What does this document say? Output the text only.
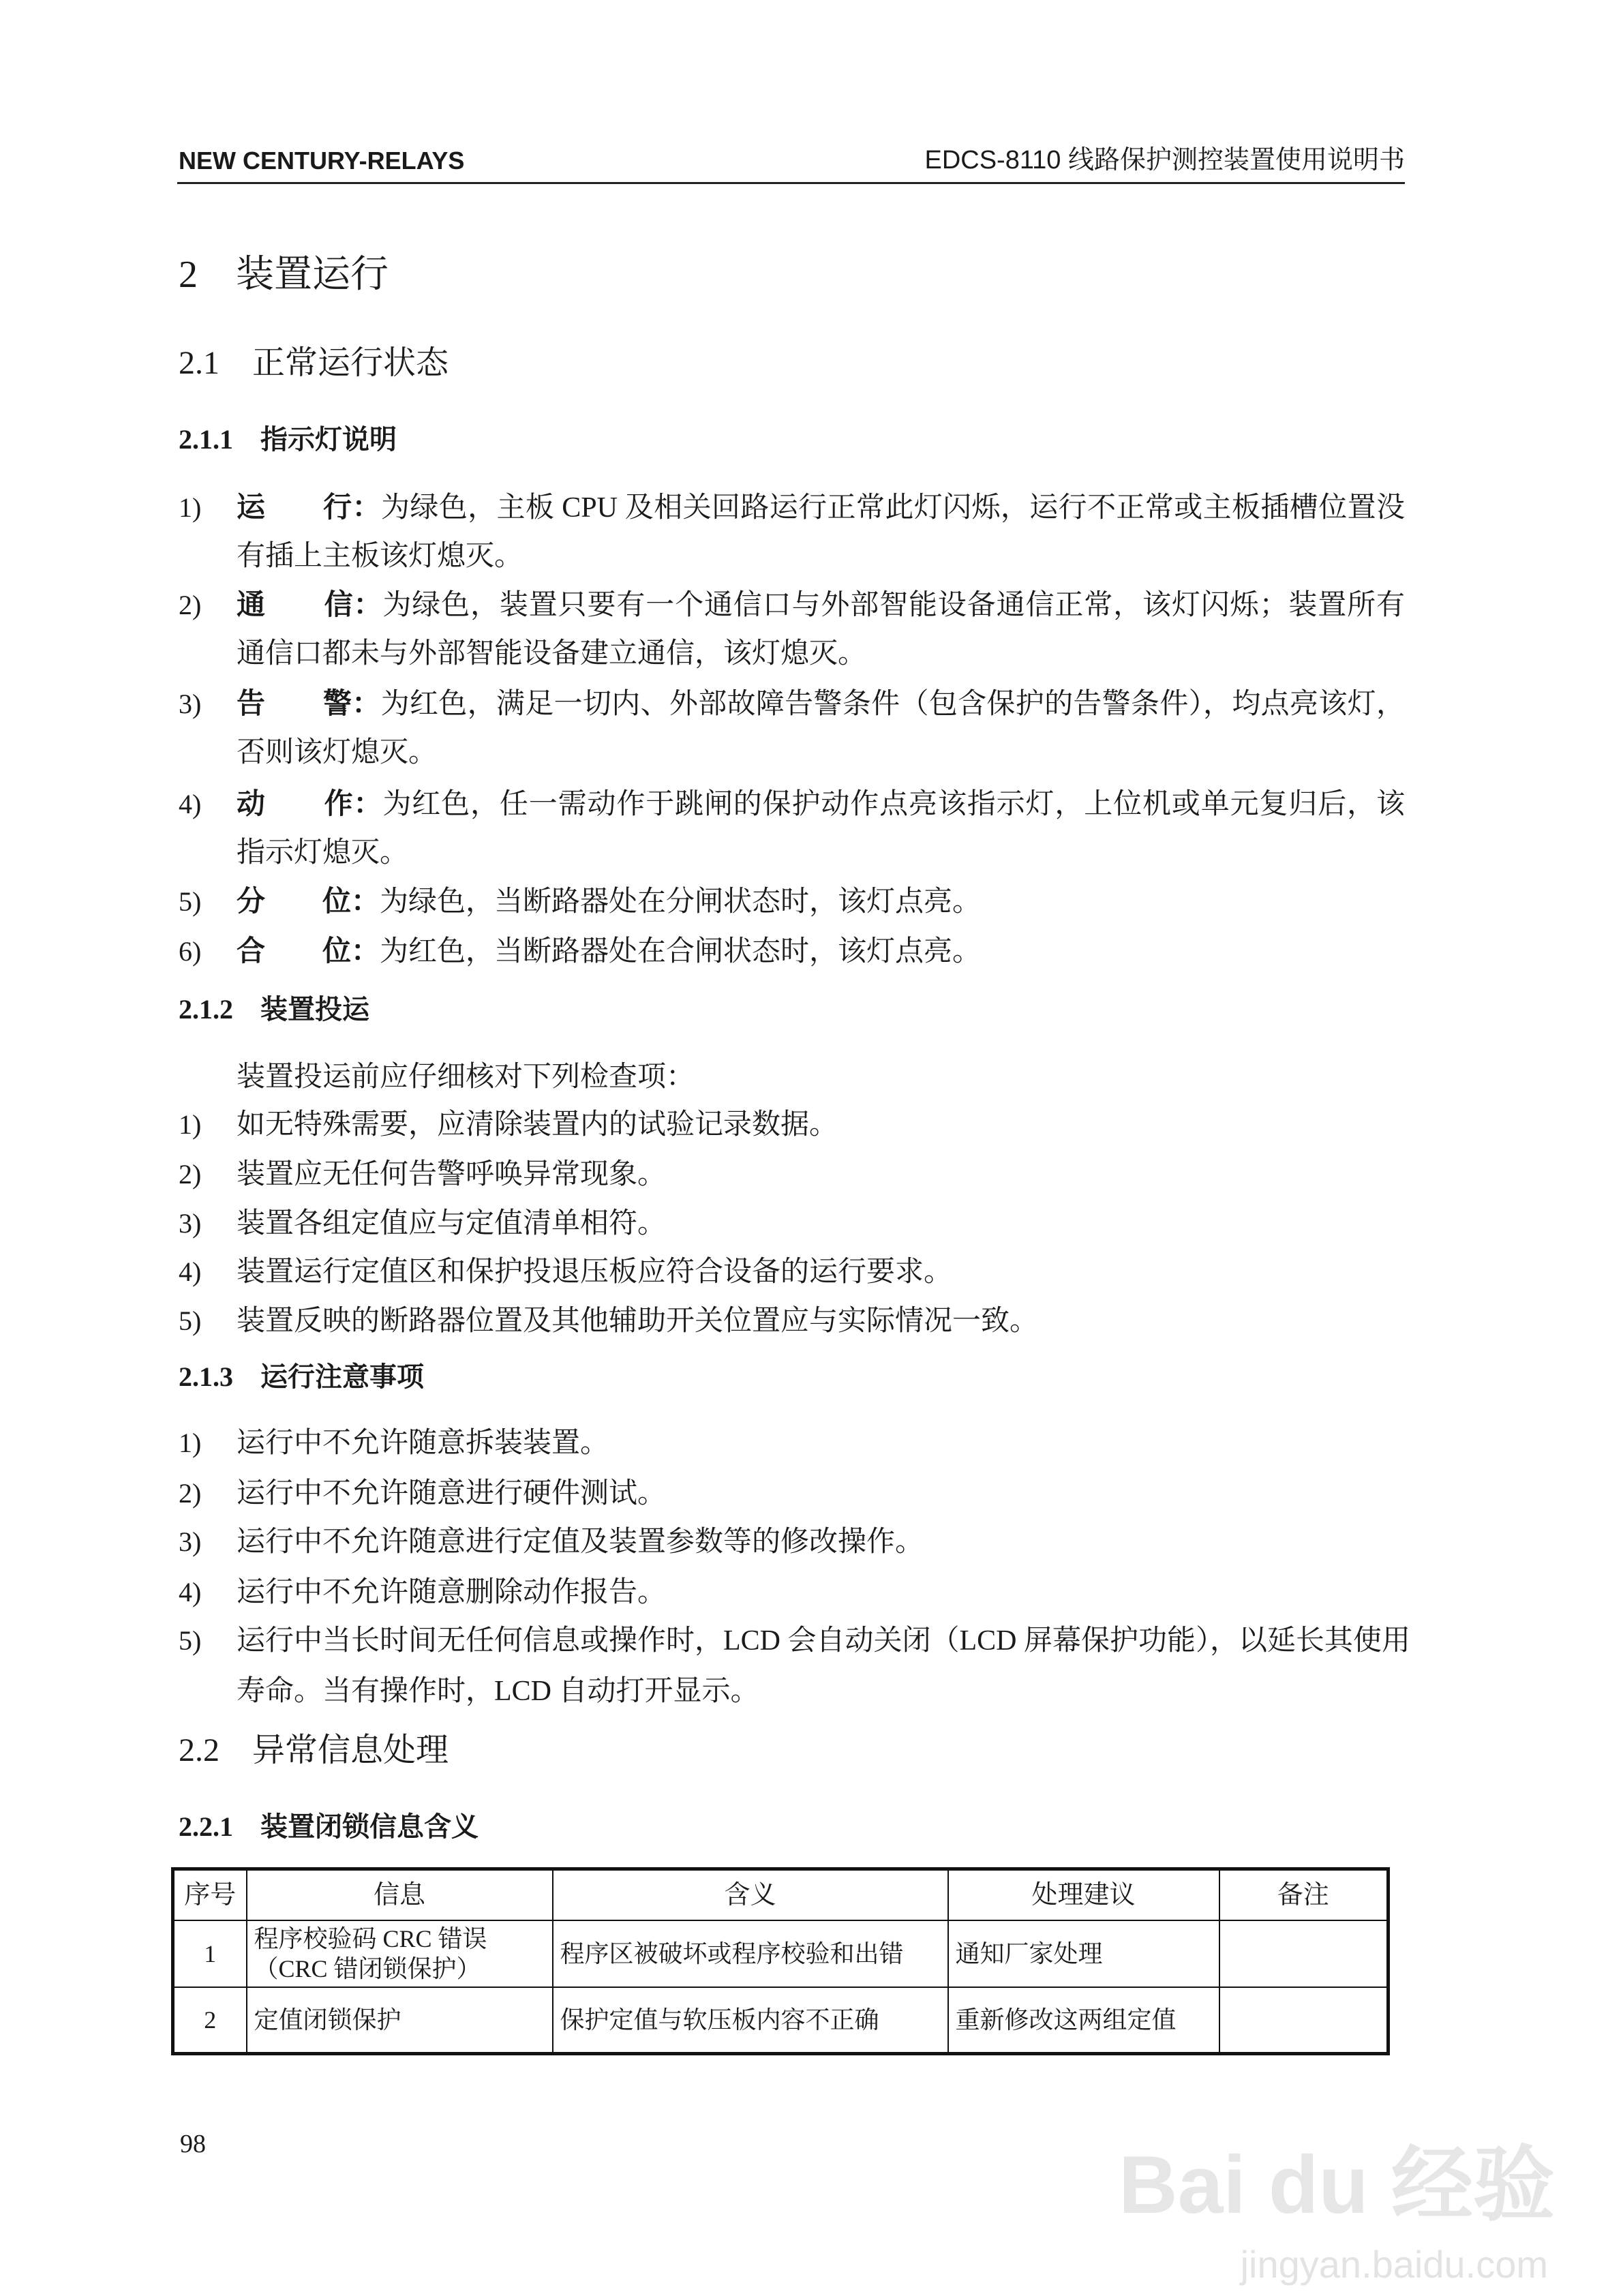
NEW CENTURY-RELAYS	EDCS-8110 线路保护测控装置使用说明书
2　装置运行
2.1　正常运行状态
2.1.1　指示灯说明
1) 运　　行：为绿色，主板 CPU 及相关回路运行正常此灯闪烁，运行不正常或主板插槽位置没
有插上主板该灯熄灭。
2) 通　　信：为绿色，装置只要有一个通信口与外部智能设备通信正常，该灯闪烁；装置所有
通信口都未与外部智能设备建立通信，该灯熄灭。
3) 告　　警：为红色，满足一切内、外部故障告警条件（包含保护的告警条件），均点亮该灯，
否则该灯熄灭。
4) 动　　作：为红色，任一需动作于跳闸的保护动作点亮该指示灯，上位机或单元复归后，该
指示灯熄灭。
5) 分　　位：为绿色，当断路器处在分闸状态时，该灯点亮。
6) 合　　位：为红色，当断路器处在合闸状态时，该灯点亮。
2.1.2　装置投运
装置投运前应仔细核对下列检查项：
1) 如无特殊需要，应清除装置内的试验记录数据。
2) 装置应无任何告警呼唤异常现象。
3) 装置各组定值应与定值清单相符。
4) 装置运行定值区和保护投退压板应符合设备的运行要求。
5) 装置反映的断路器位置及其他辅助开关位置应与实际情况一致。
2.1.3　运行注意事项
1) 运行中不允许随意拆装装置。
2) 运行中不允许随意进行硬件测试。
3) 运行中不允许随意进行定值及装置参数等的修改操作。
4) 运行中不允许随意删除动作报告。
5) 运行中当长时间无任何信息或操作时，LCD 会自动关闭（LCD 屏幕保护功能），以延长其使用
寿命。当有操作时，LCD 自动打开显示。
2.2　异常信息处理
2.2.1　装置闭锁信息含义
序号	信息	含义	处理建议	备注
1	程序校验码 CRC 错误（CRC 错闭锁保护）	程序区被破坏或程序校验和出错	通知厂家处理	
2	定值闭锁保护	保护定值与软压板内容不正确	重新修改这两组定值	
98	Bai du 经验
jingyan.baidu.com
